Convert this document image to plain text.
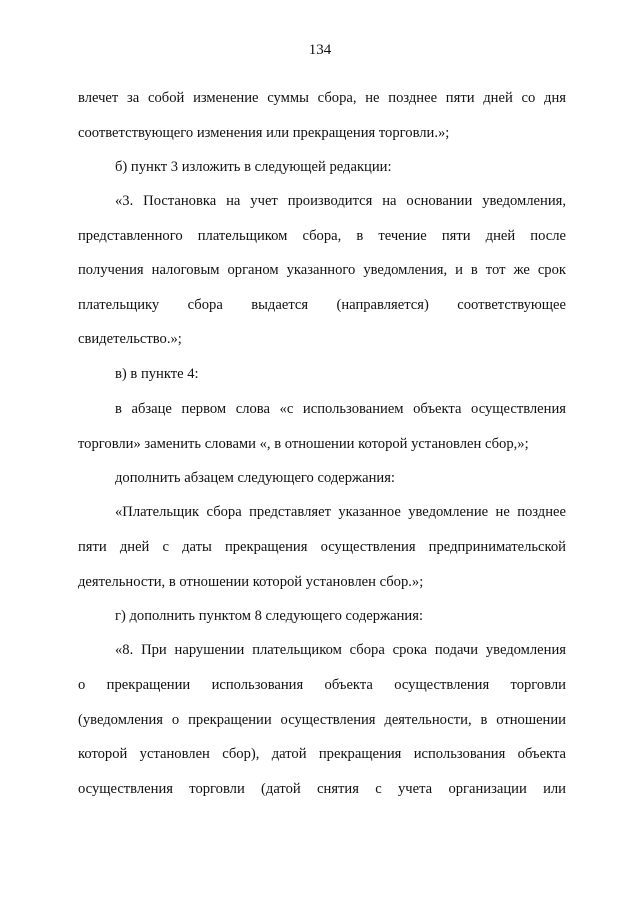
134
влечет за собой изменение суммы сбора, не позднее пяти дней со дня
соответствующего изменения или прекращения торговли.»;
б) пункт 3 изложить в следующей редакции:
«3. Постановка на учет производится на основании уведомления,
представленного плательщиком сбора, в течение пяти дней после
получения налоговым органом указанного уведомления, и в тот же срок
плательщику сбора выдается (направляется) соответствующее
свидетельство.»;
в) в пункте 4:
в абзаце первом слова «с использованием объекта осуществления
торговли» заменить словами «, в отношении которой установлен сбор,»;
дополнить абзацем следующего содержания:
«Плательщик сбора представляет указанное уведомление не позднее
пяти дней с даты прекращения осуществления предпринимательской
деятельности, в отношении которой установлен сбор.»;
г) дополнить пунктом 8 следующего содержания:
«8. При нарушении плательщиком сбора срока подачи уведомления
о прекращении использования объекта осуществления торговли
(уведомления о прекращении осуществления деятельности, в отношении
которой установлен сбор), датой прекращения использования объекта
осуществления торговли (датой снятия с учета организации или
